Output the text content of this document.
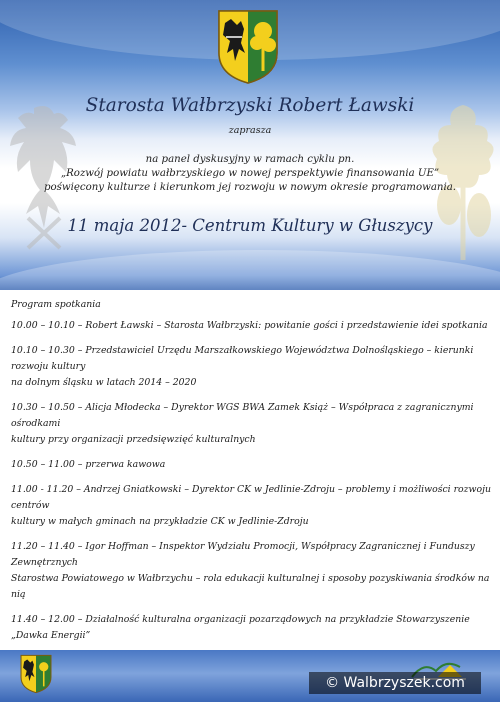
Starosta Wałbrzyski Robert Ławski
zaprasza
na panel dyskusyjny w ramach cyklu pn.
„Rozwój powiatu wałbrzyskiego w nowej perspektywie finansowania UE”
poświęcony kulturze i kierunkom jej rozwoju w nowym okresie programowania.
11 maja 2012- Centrum Kultury w Głuszycy
Program spotkania
10.00 – 10.10 – Robert Ławski – Starosta Wałbrzyski: powitanie gości i przedstawienie idei spotkania
10.10 – 10.30 – Przedstawiciel Urzędu Marszałkowskiego Województwa Dolnośląskiego – kierunki rozwoju kultury
na dolnym śląsku w latach 2014 – 2020
10.30 – 10.50 – Alicja Młodecka – Dyrektor WGS BWA Zamek Książ – Współpraca z zagranicznymi ośrodkami
kultury przy organizacji przedsięwzięć kulturalnych
10.50 – 11.00 – przerwa kawowa
11.00 - 11.20 – Andrzej Gniatkowski – Dyrektor CK w Jedlinie-Zdroju – problemy i możliwości rozwoju centrów
kultury w małych gminach na przykładzie CK w Jedlinie-Zdroju
11.20 – 11.40 – Igor Hoffman – Inspektor Wydziału Promocji, Współpracy Zagranicznej i Funduszy Zewnętrznych
Starostwa Powiatowego w Wałbrzychu – rola edukacji kulturalnej i sposoby pozyskiwania środków na nią
11.40 – 12.00 – Działalność kulturalna organizacji pozarządowych na przykładzie Stowarzyszenie
„Dawka Energii”
© Walbrzyszek.com
